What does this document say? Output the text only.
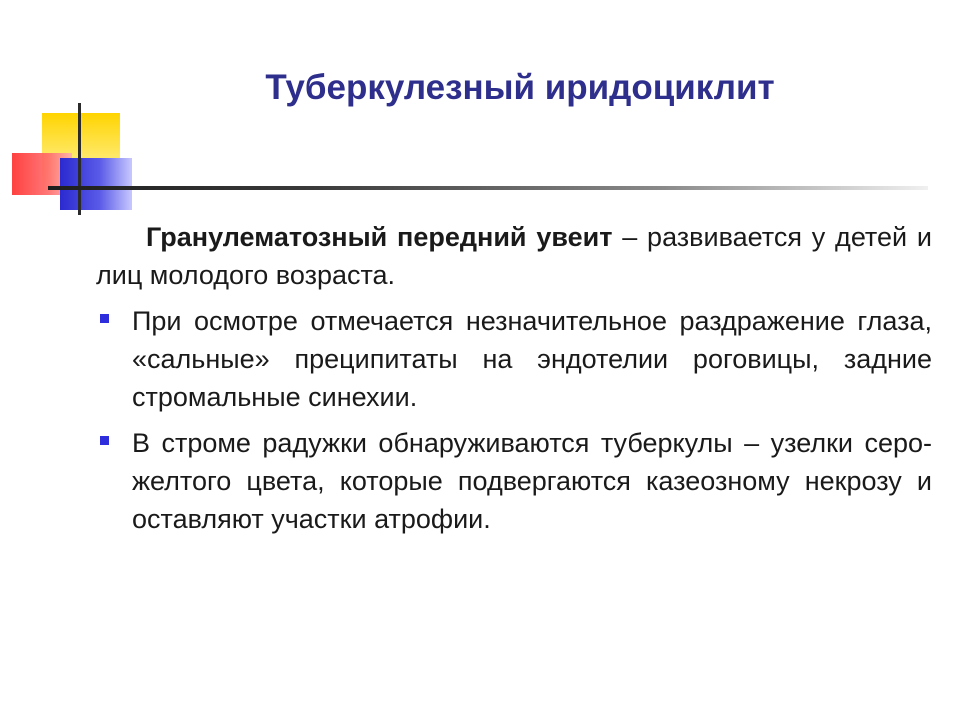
Туберкулезный иридоциклит

Гранулематозный передний увеит – развивается у детей и лиц молодого возраста.

При осмотре отмечается незначительное раздражение глаза, «сальные» преципитаты на эндотелии роговицы, задние стромальные синехии.
В строме радужки обнаруживаются туберкулы – узелки серо-желтого цвета, которые подвергаются казеозному некрозу и оставляют участки атрофии.
